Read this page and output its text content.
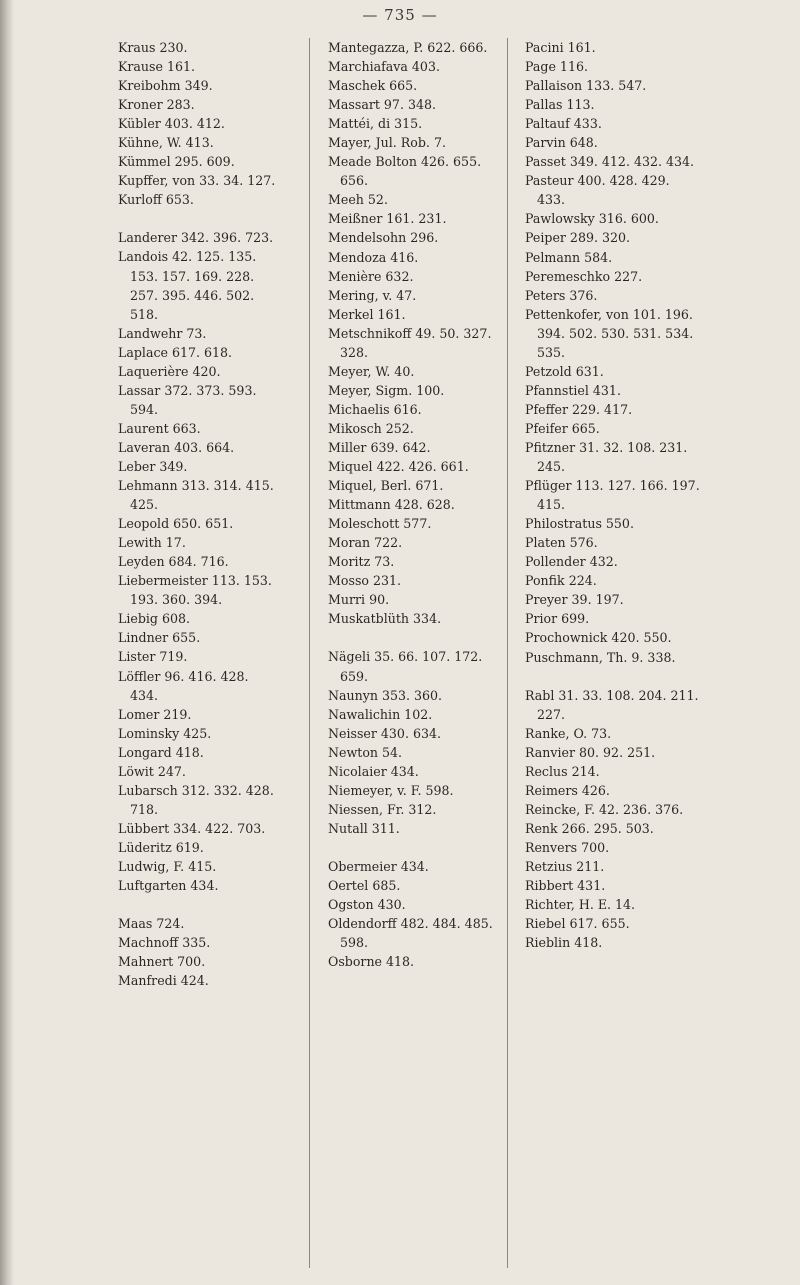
— 735 —
Kraus 230.
Krause 161.
Kreibohm 349.
Kroner 283.
Kübler 403. 412.
Kühne, W. 413.
Kümmel 295. 609.
Kupffer, von 33. 34. 127.
Kurloff 653.
Landerer 342. 396. 723.
Landois 42. 125. 135. 153. 157. 169. 228. 257. 395. 446. 502. 518.
Landwehr 73.
Laplace 617. 618.
Laquerière 420.
Lassar 372. 373. 593. 594.
Laurent 663.
Laveran 403. 664.
Leber 349.
Lehmann 313. 314. 415. 425.
Leopold 650. 651.
Lewith 17.
Leyden 684. 716.
Liebermeister 113. 153. 193. 360. 394.
Liebig 608.
Lindner 655.
Lister 719.
Löffler 96. 416. 428. 434.
Lomer 219.
Lominsky 425.
Longard 418.
Löwit 247.
Lubarsch 312. 332. 428. 718.
Lübbert 334. 422. 703.
Lüderitz 619.
Ludwig, F. 415.
Luftgarten 434.
Maas 724.
Machnoff 335.
Mahnert 700.
Manfredi 424.
Mantegazza, P. 622. 666.
Marchiafava 403.
Maschek 665.
Massart 97. 348.
Mattéi, di 315.
Mayer, Jul. Rob. 7.
Meade Bolton 426. 655. 656.
Meeh 52.
Meißner 161. 231.
Mendelsohn 296.
Mendoza 416.
Menière 632.
Mering, v. 47.
Merkel 161.
Metschnikoff 49. 50. 327. 328.
Meyer, W. 40.
Meyer, Sigm. 100.
Michaelis 616.
Mikosch 252.
Miller 639. 642.
Miquel 422. 426. 661.
Miquel, Berl. 671.
Mittmann 428. 628.
Moleschott 577.
Moran 722.
Moritz 73.
Mosso 231.
Murri 90.
Muskatblüth 334.
Nägeli 35. 66. 107. 172. 659.
Naunyn 353. 360.
Nawalichin 102.
Neisser 430. 634.
Newton 54.
Nicolaier 434.
Niemeyer, v. F. 598.
Niessen, Fr. 312.
Nutall 311.
Obermeier 434.
Oertel 685.
Ogston 430.
Oldendorff 482. 484. 485. 598.
Osborne 418.
Pacini 161.
Page 116.
Pallaison 133. 547.
Pallas 113.
Paltauf 433.
Parvin 648.
Passet 349. 412. 432. 434.
Pasteur 400. 428. 429. 433.
Pawlowsky 316. 600.
Peiper 289. 320.
Pelmann 584.
Peremeschko 227.
Peters 376.
Pettenkofer, von 101. 196. 394. 502. 530. 531. 534. 535.
Petzold 631.
Pfannstiel 431.
Pfeffer 229. 417.
Pfeifer 665.
Pfitzner 31. 32. 108. 231. 245.
Pflüger 113. 127. 166. 197. 415.
Philostratus 550.
Platen 576.
Pollender 432.
Ponfik 224.
Preyer 39. 197.
Prior 699.
Prochownick 420. 550.
Puschmann, Th. 9. 338.
Rabl 31. 33. 108. 204. 211. 227.
Ranke, O. 73.
Ranvier 80. 92. 251.
Reclus 214.
Reimers 426.
Reincke, F. 42. 236. 376.
Renk 266. 295. 503.
Renvers 700.
Retzius 211.
Ribbert 431.
Richter, H. E. 14.
Riebel 617. 655.
Rieblin 418.
